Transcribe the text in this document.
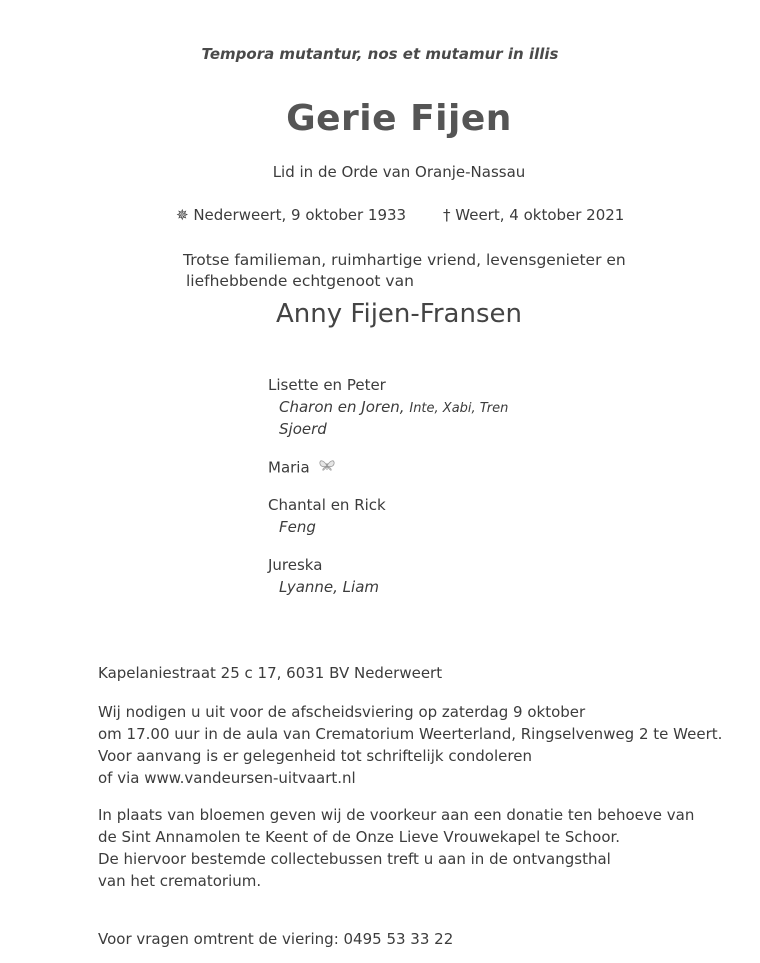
Tempora mutantur, nos et mutamur in illis
Gerie Fijen
Lid in de Orde van Oranje-Nassau
✵ Nederweert, 9 oktober 1933 † Weert, 4 oktober 2021
Trotse familieman, ruimhartige vriend, levensgenieter en
liefhebbende echtgenoot van
Anny Fijen-Fransen
Lisette en Peter
Charon en Joren, Inte, Xabi, Tren
Sjoerd
Maria
Chantal en Rick
Feng
Jureska
Lyanne, Liam
Kapelaniestraat 25 c 17, 6031 BV Nederweert
Wij nodigen u uit voor de afscheidsviering op zaterdag 9 oktober
om 17.00 uur in de aula van Crematorium Weerterland, Ringselvenweg 2 te Weert.
Voor aanvang is er gelegenheid tot schriftelijk condoleren
of via www.vandeursen-uitvaart.nl
In plaats van bloemen geven wij de voorkeur aan een donatie ten behoeve van
de Sint Annamolen te Keent of de Onze Lieve Vrouwekapel te Schoor.
De hiervoor bestemde collectebussen treft u aan in de ontvangsthal
van het crematorium.
Voor vragen omtrent de viering: 0495 53 33 22
